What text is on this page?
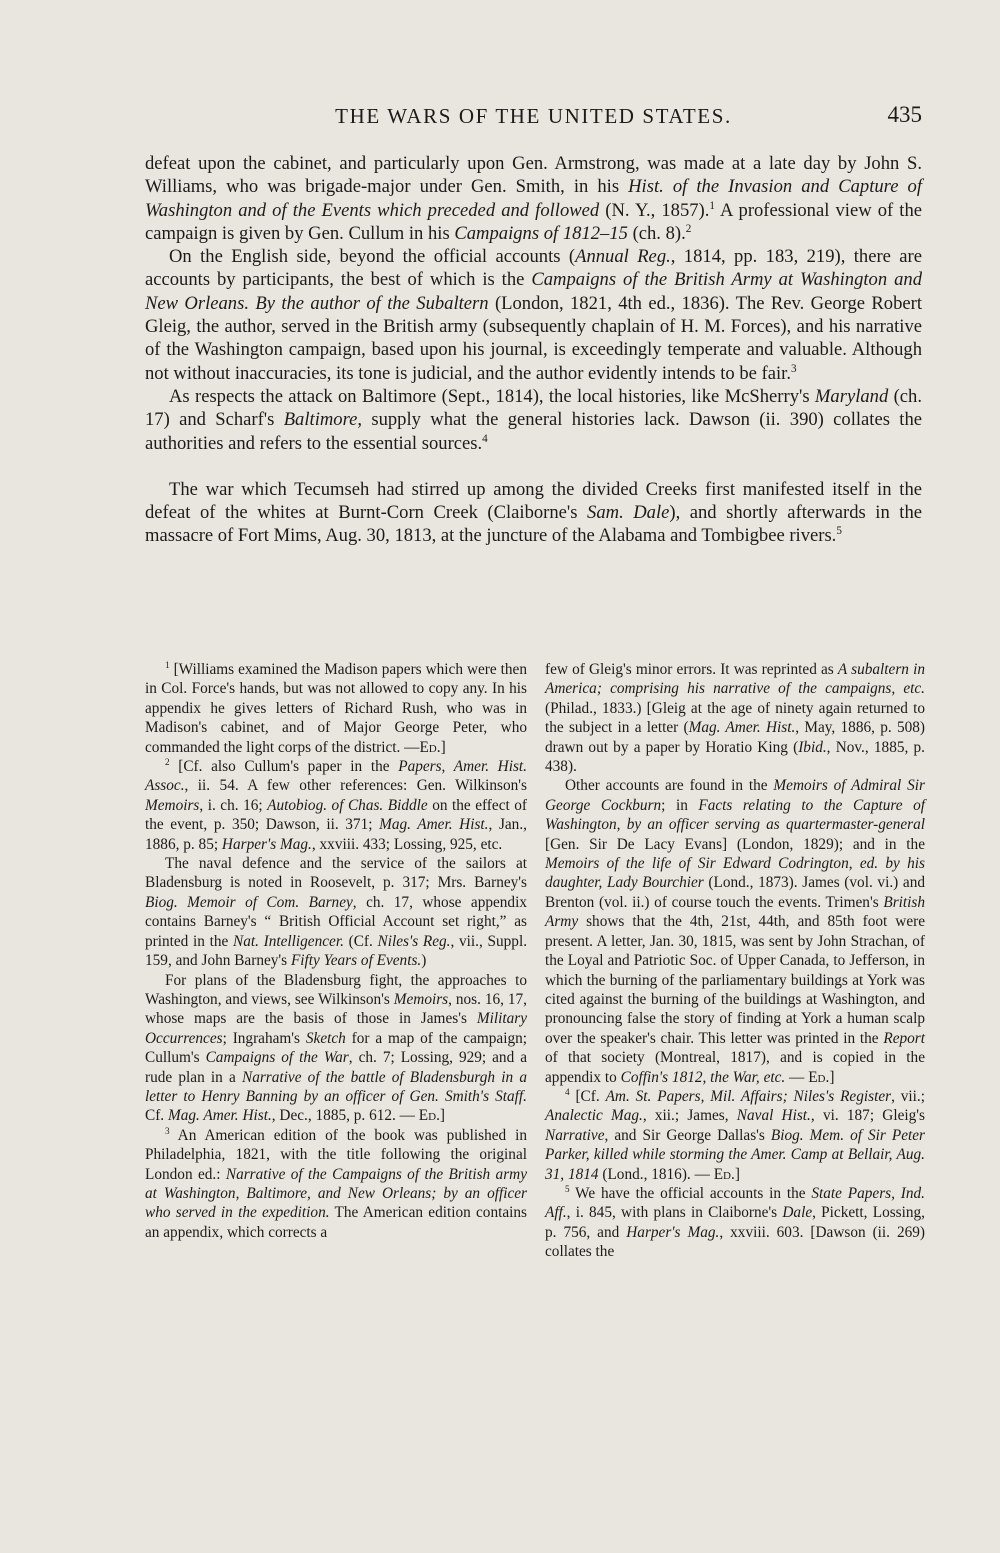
THE WARS OF THE UNITED STATES.	435

defeat upon the cabinet, and particularly upon Gen. Armstrong, was made at a late day by John S. Williams, who was brigade-major under Gen. Smith, in his Hist. of the Invasion and Capture of Washington and of the Events which preceded and followed (N. Y., 1857).$^1$ A professional view of the campaign is given by Gen. Cullum in his Campaigns of 1812–15 (ch. 8).$^2$

On the English side, beyond the official accounts (Annual Reg., 1814, pp. 183, 219), there are accounts by participants, the best of which is the Campaigns of the British Army at Washington and New Orleans. By the author of the Subaltern (London, 1821, 4th ed., 1836). The Rev. George Robert Gleig, the author, served in the British army (subsequently chaplain of H. M. Forces), and his narrative of the Washington campaign, based upon his journal, is exceedingly temperate and valuable. Although not without inaccuracies, its tone is judicial, and the author evidently intends to be fair.$^3$

As respects the attack on Baltimore (Sept., 1814), the local histories, like McSherry's Maryland (ch. 17) and Scharf's Baltimore, supply what the general histories lack. Dawson (ii. 390) collates the authorities and refers to the essential sources.$^4$

The war which Tecumseh had stirred up among the divided Creeks first manifested itself in the defeat of the whites at Burnt-Corn Creek (Claiborne's Sam. Dale), and shortly afterwards in the massacre of Fort Mims, Aug. 30, 1813, at the juncture of the Alabama and Tombigbee rivers.$^5$

$^1$ [Williams examined the Madison papers which were then in Col. Force's hands, but was not allowed to copy any. In his appendix he gives letters of Richard Rush, who was in Madison's cabinet, and of Major George Peter, who commanded the light corps of the district. —Ed.]

$^2$ [Cf. also Cullum's paper in the Papers, Amer. Hist. Assoc., ii. 54. A few other references: Gen. Wilkinson's Memoirs, i. ch. 16; Autobiog. of Chas. Biddle on the effect of the event, p. 350; Dawson, ii. 371; Mag. Amer. Hist., Jan., 1886, p. 85; Harper's Mag., xxviii. 433; Lossing, 925, etc.

The naval defence and the service of the sailors at Bladensburg is noted in Roosevelt, p. 317; Mrs. Barney's Biog. Memoir of Com. Barney, ch. 17, whose appendix contains Barney's “ British Official Account set right,” as printed in the Nat. Intelligencer. (Cf. Niles's Reg., vii., Suppl. 159, and John Barney's Fifty Years of Events.)

For plans of the Bladensburg fight, the approaches to Washington, and views, see Wilkinson's Memoirs, nos. 16, 17, whose maps are the basis of those in James's Military Occurrences; Ingraham's Sketch for a map of the campaign; Cullum's Campaigns of the War, ch. 7; Lossing, 929; and a rude plan in a Narrative of the battle of Bladensburgh in a letter to Henry Banning by an officer of Gen. Smith's Staff. Cf. Mag. Amer. Hist., Dec., 1885, p. 612. — Ed.]

$^3$ An American edition of the book was published in Philadelphia, 1821, with the title following the original London ed.: Narrative of the Campaigns of the British army at Washington, Baltimore, and New Orleans; by an officer who served in the expedition. The American edition contains an appendix, which corrects a

few of Gleig's minor errors. It was reprinted as A subaltern in America; comprising his narrative of the campaigns, etc. (Philad., 1833.) [Gleig at the age of ninety again returned to the subject in a letter (Mag. Amer. Hist., May, 1886, p. 508) drawn out by a paper by Horatio King (Ibid., Nov., 1885, p. 438).

Other accounts are found in the Memoirs of Admiral Sir George Cockburn; in Facts relating to the Capture of Washington, by an officer serving as quartermaster-general [Gen. Sir De Lacy Evans] (London, 1829); and in the Memoirs of the life of Sir Edward Codrington, ed. by his daughter, Lady Bourchier (Lond., 1873). James (vol. vi.) and Brenton (vol. ii.) of course touch the events. Trimen's British Army shows that the 4th, 21st, 44th, and 85th foot were present. A letter, Jan. 30, 1815, was sent by John Strachan, of the Loyal and Patriotic Soc. of Upper Canada, to Jefferson, in which the burning of the parliamentary buildings at York was cited against the burning of the buildings at Washington, and pronouncing false the story of finding at York a human scalp over the speaker's chair. This letter was printed in the Report of that society (Montreal, 1817), and is copied in the appendix to Coffin's 1812, the War, etc. — Ed.]

$^4$ [Cf. Am. St. Papers, Mil. Affairs; Niles's Register, vii.; Analectic Mag., xii.; James, Naval Hist., vi. 187; Gleig's Narrative, and Sir George Dallas's Biog. Mem. of Sir Peter Parker, killed while storming the Amer. Camp at Bellair, Aug. 31, 1814 (Lond., 1816). — Ed.]

$^5$ We have the official accounts in the State Papers, Ind. Aff., i. 845, with plans in Claiborne's Dale, Pickett, Lossing, p. 756, and Harper's Mag., xxviii. 603. [Dawson (ii. 269) collates the
